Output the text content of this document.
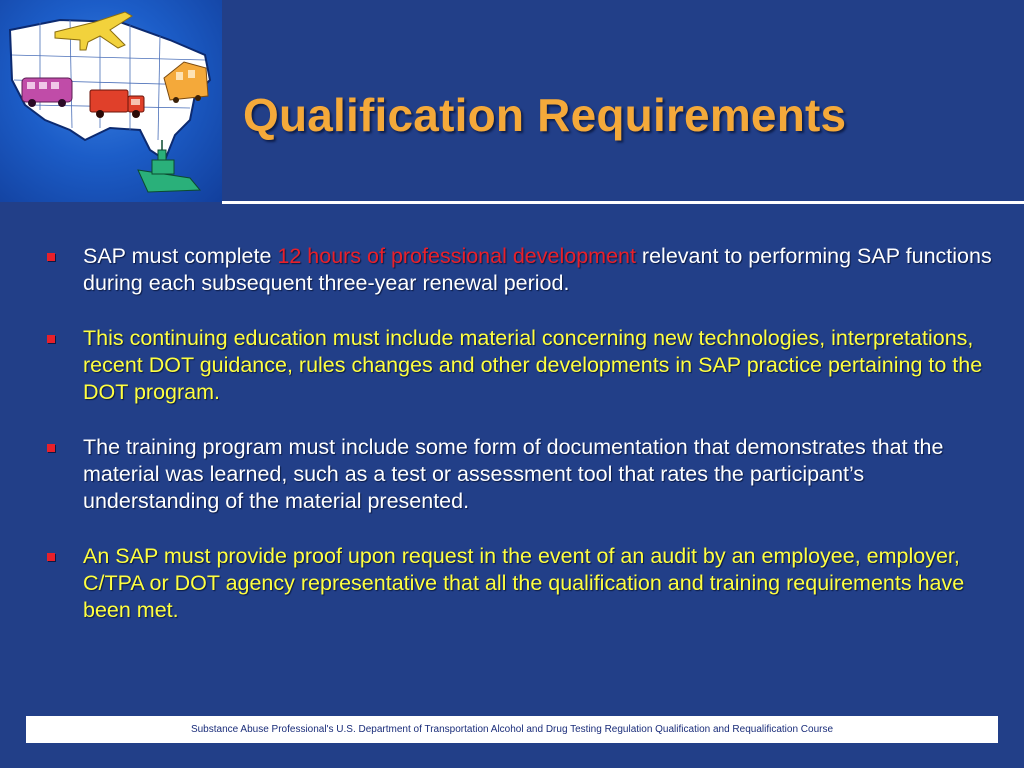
Qualification Requirements
SAP must complete 12 hours of professional development relevant to performing SAP functions during each subsequent three-year renewal period.
This continuing education must include material concerning new technologies, interpretations, recent DOT guidance, rules changes and other developments in SAP practice pertaining to the DOT program.
The training program must include some form of documentation that demonstrates that the material was learned, such as a test or assessment tool that rates the participant’s understanding of the material presented.
An SAP must provide proof upon request in the event of an audit by an employee, employer, C/TPA or DOT agency representative that all the qualification and training requirements have been met.
Substance Abuse Professional's U.S. Department of Transportation Alcohol and Drug Testing Regulation Qualification and Requalification Course
